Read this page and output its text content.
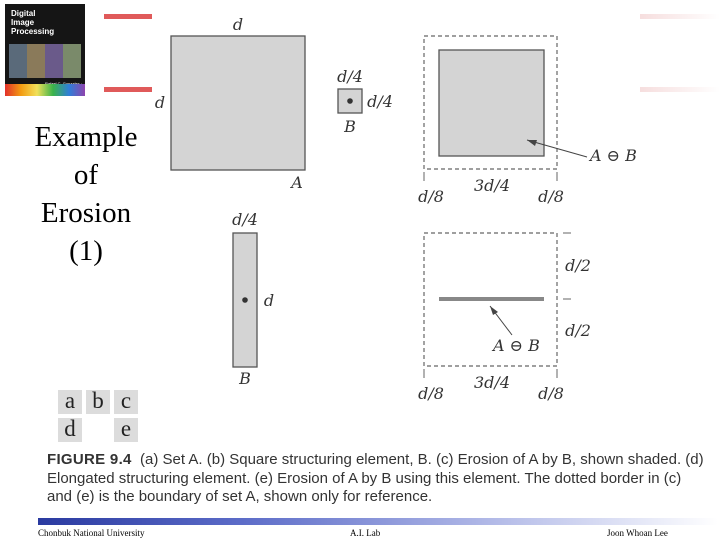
Digital
Image
Processing
Example
of
Erosion
(1)
d
d
A
d/4
d/4
B
A ⊖ B
d/8
3d/4
d/8
d/4
d
B
A ⊖ B
d/2
d/2
d/8
3d/4
d/8
a b c
d e
FIGURE 9.4 (a) Set A. (b) Square structuring element, B. (c) Erosion of A by B, shown shaded. (d) Elongated structuring element. (e) Erosion of A by B using this element. The dotted border in (c) and (e) is the boundary of set A, shown only for reference.
Chonbuk National University	A.I. Lab	Joon Whoan Lee
